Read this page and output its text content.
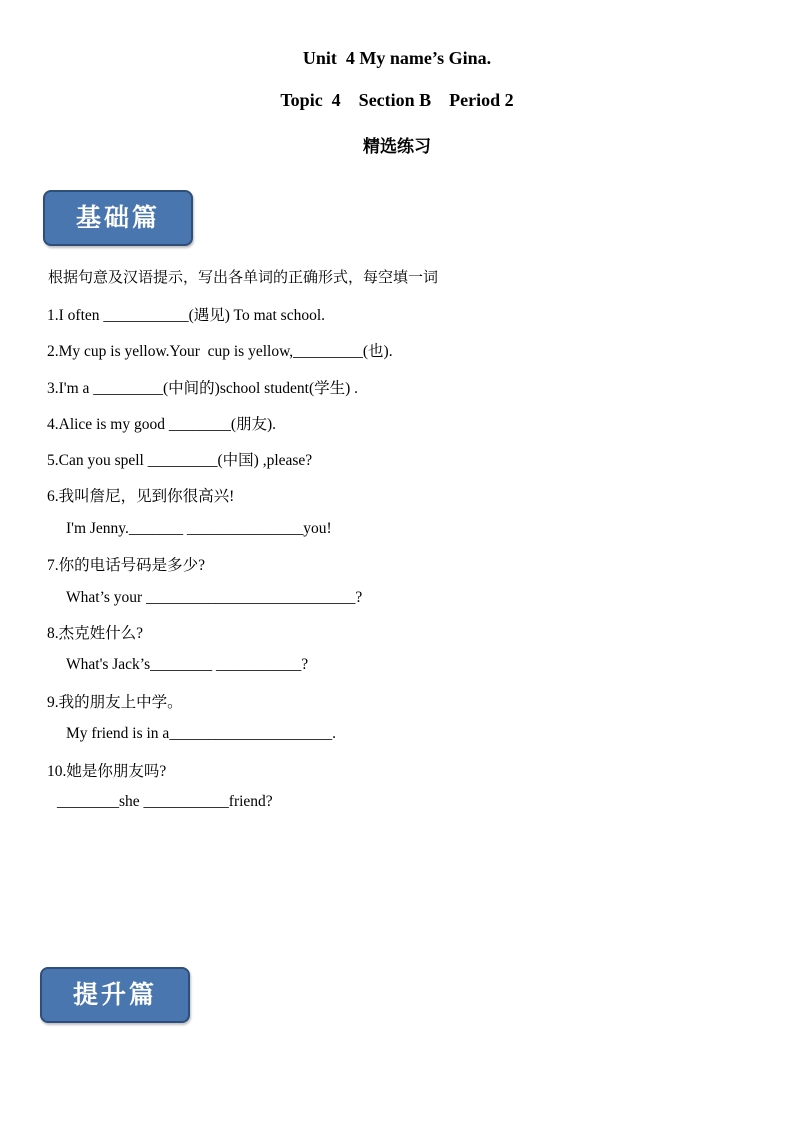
Unit  4 My name’s Gina.
Topic  4    Section B    Period 2
精选练习
基础篇
根据句意及汉语提示，写出各单词的正确形式，每空填一词
1.I often ___________(遇见) To mat school.
2.My cup is yellow.Your  cup is yellow,_________(也).
3.I'm a _________(中间的)school student(学生) .
4.Alice is my good ________(朋友).
5.Can you spell _________(中国) ,please?
6.我叫詹尼，见到你很高兴!
I'm Jenny._______ _______________you!
7.你的电话号码是多少?
What’s your ___________________________?
8.杰克姓什么?
What's Jack’s________ ___________?
9.我的朋友上中学。
My friend is in a_____________________.
10.她是你朋友吗?
________she ___________friend?
提升篇
